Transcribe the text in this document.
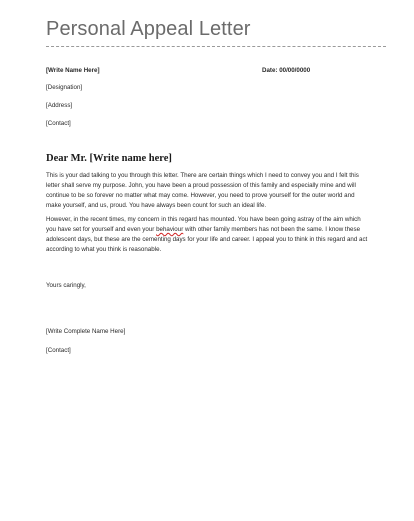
Personal Appeal Letter
[Write Name Here]	Date: 00/00/0000
[Designation]
[Address]
[Contact]
Dear Mr. [Write name here]
This is your dad talking to you through this letter. There are certain things which I need to convey you and I felt this
letter shall serve my purpose. John, you have been a proud possession of this family and especially mine and will
continue to be so forever no matter what may come. However, you need to prove yourself for the outer world and
make yourself, and us, proud. You have always been count for such an ideal life.
However, in the recent times, my concern in this regard has mounted. You have been going astray of the aim which
you have set for yourself and even your behaviour with other family members has not been the same. I know these
adolescent days, but these are the cementing days for your life and career. I appeal you to think in this regard and act
according to what you think is reasonable.
Yours caringly,
[Write Complete Name Here]
[Contact]
